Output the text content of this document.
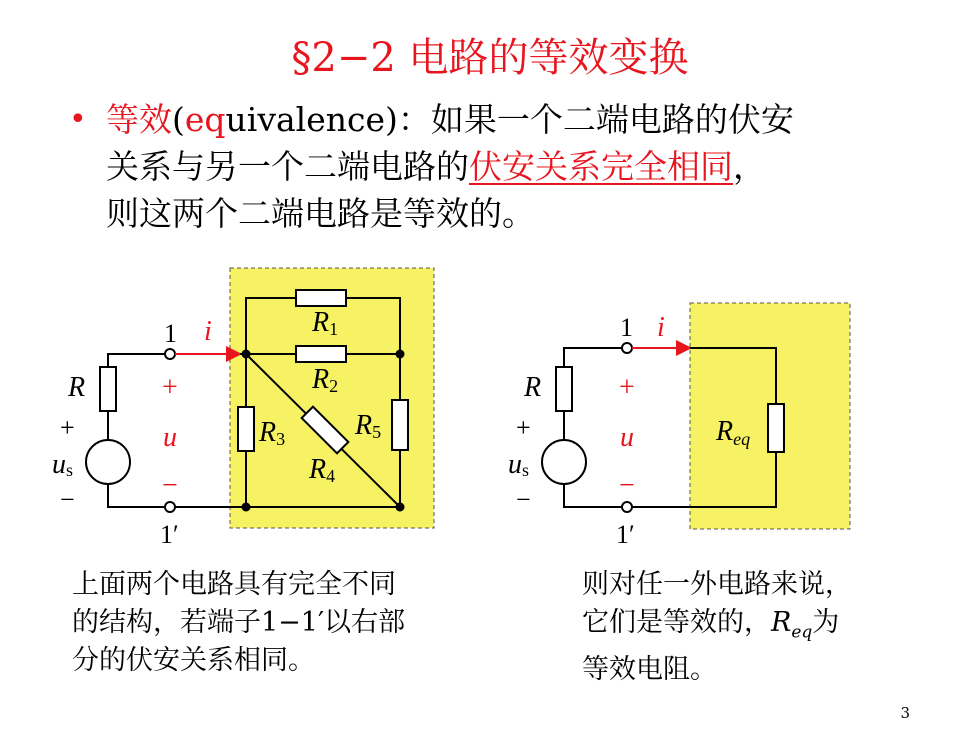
§2−2 电路的等效变换
• 等效(equivalence)：如果一个二端电路的伏安
关系与另一个二端电路的伏安关系完全相同，
则这两个二端电路是等效的。
1
1′
i
+
u
−
R
+
us
−
R1
R2
R3
R4
R5
1
1′
i
+
u
−
R
+
us
−
Req
上面两个电路具有完全不同
的结构，若端子1−1′以右部
分的伏安关系相同。
则对任一外电路来说，
它们是等效的，$R_{eq}$为
等效电阻。
3
